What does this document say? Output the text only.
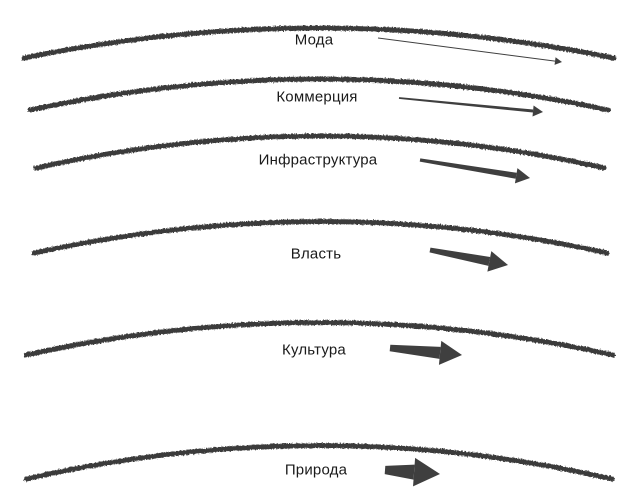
Мода
Коммерция
Инфраструктура
Власть
Культура
Природа
